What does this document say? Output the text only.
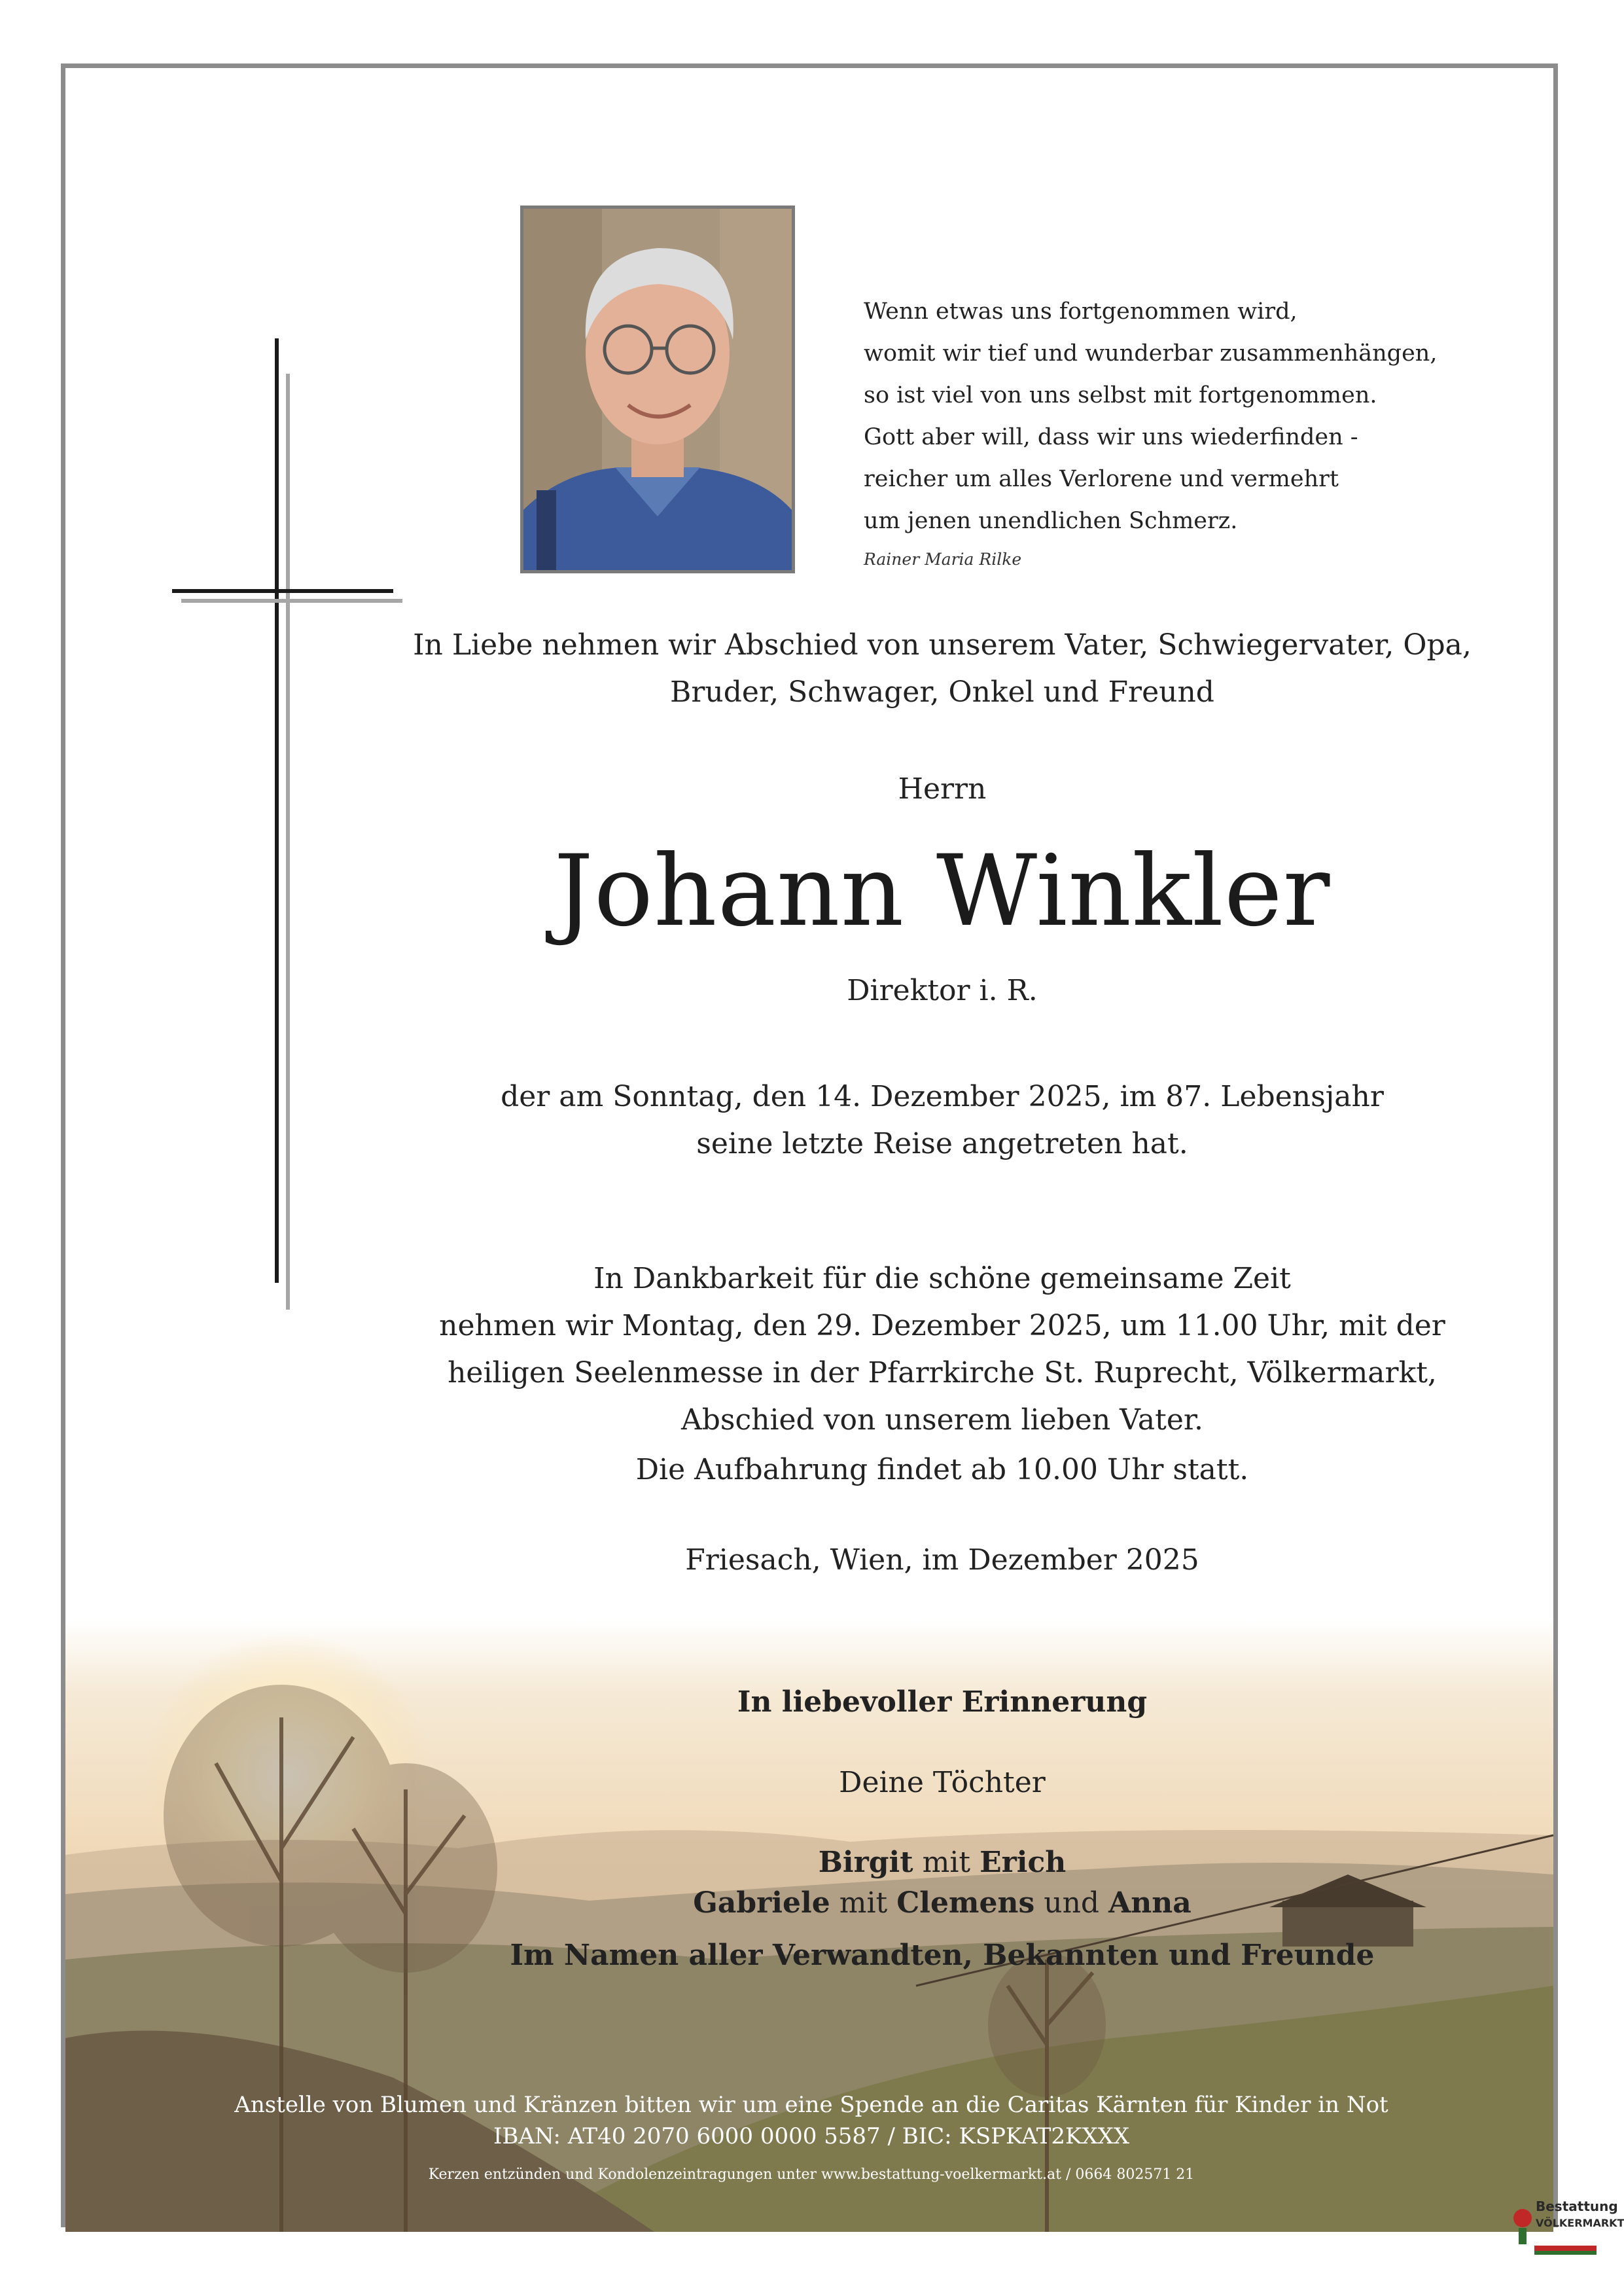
Wenn etwas uns fortgenommen wird,
womit wir tief und wunderbar zusammenhängen,
so ist viel von uns selbst mit fortgenommen.
Gott aber will, dass wir uns wiederfinden -
reicher um alles Verlorene und vermehrt
um jenen unendlichen Schmerz.
Rainer Maria Rilke
Bestattung
VÖLKERMARKT
In Liebe nehmen wir Abschied von unserem Vater, Schwiegervater, Opa,
Bruder, Schwager, Onkel und Freund
Herrn
Johann Winkler
Direktor i. R.
der am Sonntag, den 14. Dezember 2025, im 87. Lebensjahr
seine letzte Reise angetreten hat.
In Dankbarkeit für die schöne gemeinsame Zeit
nehmen wir Montag, den 29. Dezember 2025, um 11.00 Uhr, mit der
heiligen Seelenmesse in der Pfarrkirche St. Ruprecht, Völkermarkt,
Abschied von unserem lieben Vater.
Die Aufbahrung findet ab 10.00 Uhr statt.
Friesach, Wien, im Dezember 2025
In liebevoller Erinnerung
Deine Töchter
Birgit mit Erich
Gabriele mit Clemens und Anna
Im Namen aller Verwandten, Bekannten und Freunde
Anstelle von Blumen und Kränzen bitten wir um eine Spende an die Caritas Kärnten für Kinder in Not
IBAN: AT40 2070 6000 0000 5587 / BIC: KSPKAT2KXXX
Kerzen entzünden und Kondolenzeintragungen unter www.bestattung-voelkermarkt.at / 0664 802571 21
